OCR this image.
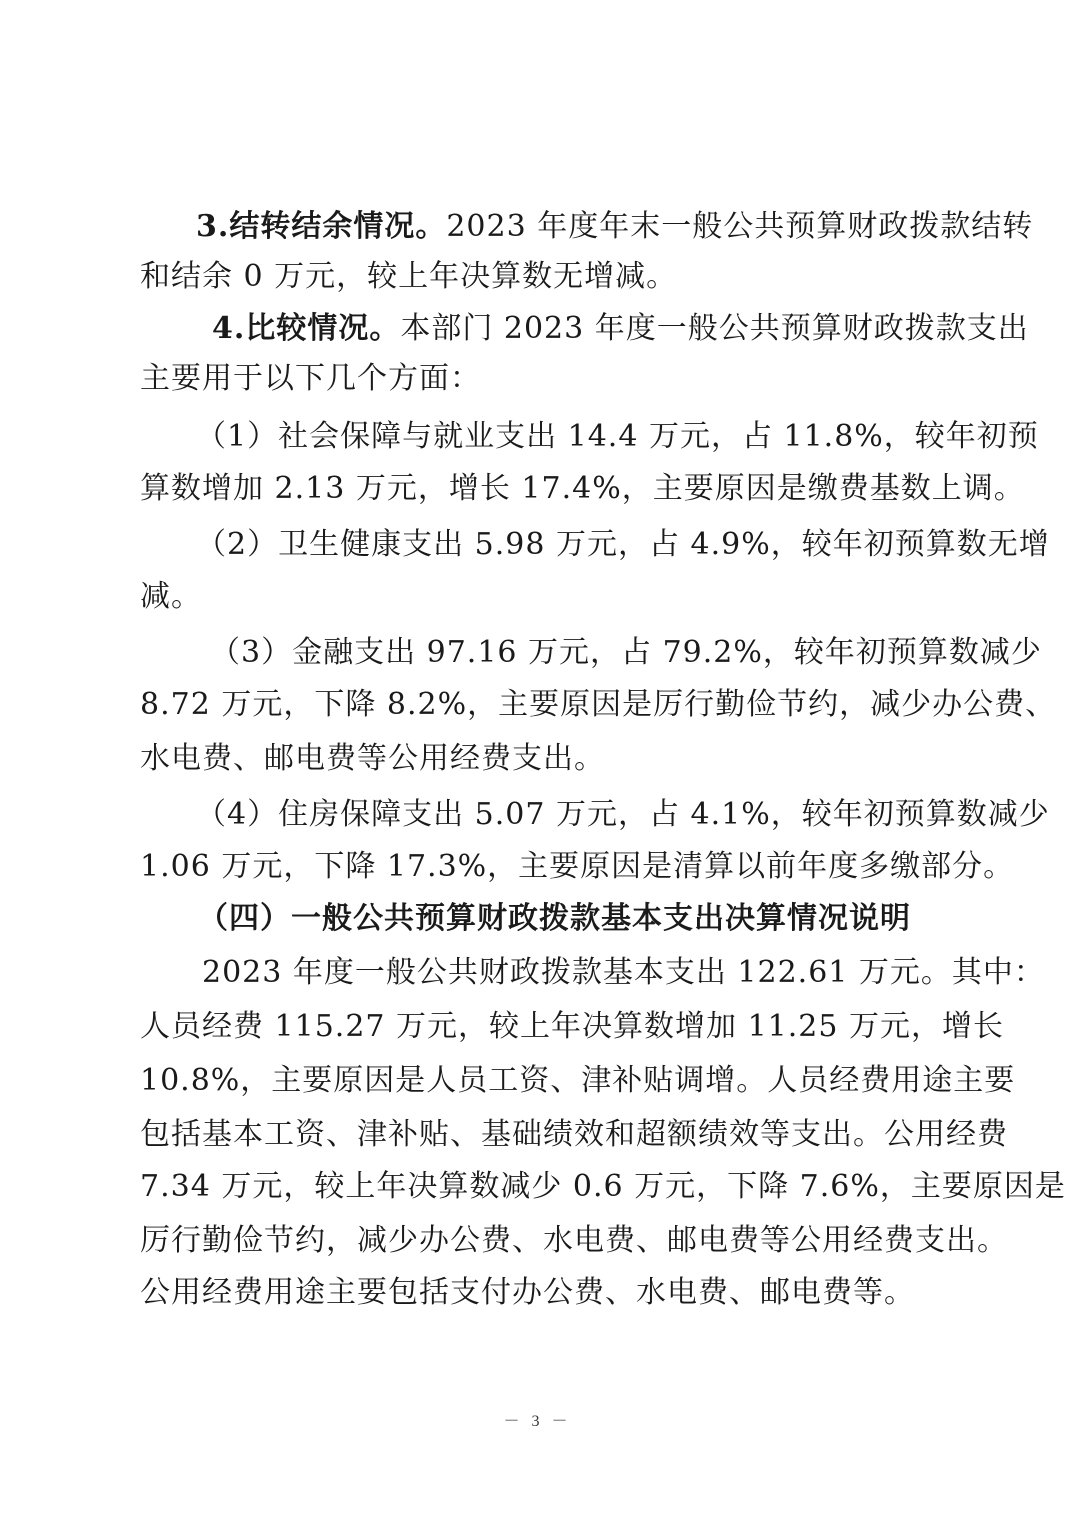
3.结转结余情况。2023 年度年末一般公共预算财政拨款结转
和结余 0 万元，较上年决算数无增减。
4.比较情况。本部门 2023 年度一般公共预算财政拨款支出
主要用于以下几个方面：
（1）社会保障与就业支出 14.4 万元，占 11.8%，较年初预
算数增加 2.13 万元，增长 17.4%，主要原因是缴费基数上调。
（2）卫生健康支出 5.98 万元，占 4.9%，较年初预算数无增
减。
（3）金融支出 97.16 万元，占 79.2%，较年初预算数减少
8.72 万元，下降 8.2%，主要原因是厉行勤俭节约，减少办公费、
水电费、邮电费等公用经费支出。
（4）住房保障支出 5.07 万元，占 4.1%，较年初预算数减少
1.06 万元，下降 17.3%，主要原因是清算以前年度多缴部分。
（四）一般公共预算财政拨款基本支出决算情况说明
2023 年度一般公共财政拨款基本支出 122.61 万元。其中：
人员经费 115.27 万元，较上年决算数增加 11.25 万元，增长
10.8%，主要原因是人员工资、津补贴调增。人员经费用途主要
包括基本工资、津补贴、基础绩效和超额绩效等支出。公用经费
7.34 万元，较上年决算数减少 0.6 万元，下降 7.6%，主要原因是
厉行勤俭节约，减少办公费、水电费、邮电费等公用经费支出。
公用经费用途主要包括支付办公费、水电费、邮电费等。
－ 3 －
